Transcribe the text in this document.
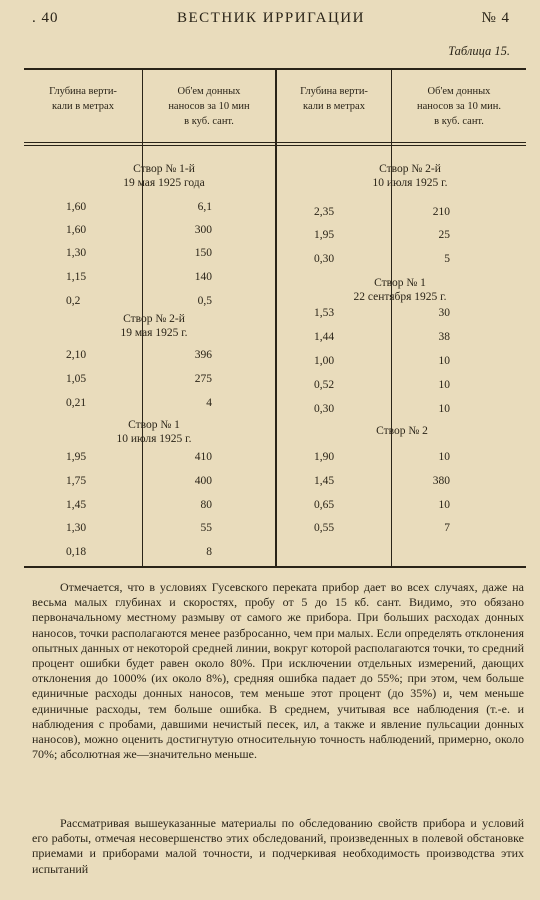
. 40	ВЕСТНИК ИРРИГАЦИИ	№ 4
Таблица 15.
Глубина верти-
кали в метрах
Об'ем донных
наносов за 10 мин
в куб. сант.
Глубина верти-
кали в метрах
Об'ем донных
наносов за 10 мин.
в куб. сант.
Створ № 1-й
19 мая 1925 года
1,60	6,1
1,60	300
1,30	150
1,15	140
0,2	0,5
Створ № 2-й
19 мая 1925 г.
2,10	396
1,05	275
0,21	4
Створ № 1
10 июля 1925 г.
1,95	410
1,75	400
1,45	80
1,30	55
0,18	8
Створ № 2-й
10 июля 1925 г.
2,35	210
1,95	25
0,30	5
Створ № 1
22 сентября 1925 г.
1,53	30
1,44	38
1,00	10
0,52	10
0,30	10
Створ № 2
1,90	10
1,45	380
0,65	10
0,55	7
Отмечается, что в условиях Гусевского переката прибор дает во всех случаях, даже на весьма малых глубинах и скоростях, пробу от 5 до 15 кб. сант. Видимо, это обязано первоначальному местному размыву от самого же прибора. При больших расходах донных наносов, точки располагаются менее разбросанно, чем при малых. Если определять отклонения опытных данных от некоторой средней линии, вокруг которой располагаются точки, то средний процент ошибки будет равен около 80%. При исключении отдельных измерений, дающих отклонения до 1000% (их около 8%), средняя ошибка падает до 55%; при этом, чем больше единичные расходы донных наносов, тем меньше этот процент (до 35%) и, чем меньше единичные расходы, тем больше ошибка. В среднем, учитывая все наблюдения (т.-е. и наблюдения с пробами, давшими нечистый песек, ил, а также и явление пульсации донных наносов), можно оценить достигнутую относительную точность наблюдений, примерно, около 70%; абсолютная же—значительно меньше.
Рассматривая вышеуказанные материалы по обследованию свойств прибора и условий его работы, отмечая несовершенство этих обследований, произведенных в полевой обстановке приемами и приборами малой точности, и подчеркивая необходимость производства этих испытаний
